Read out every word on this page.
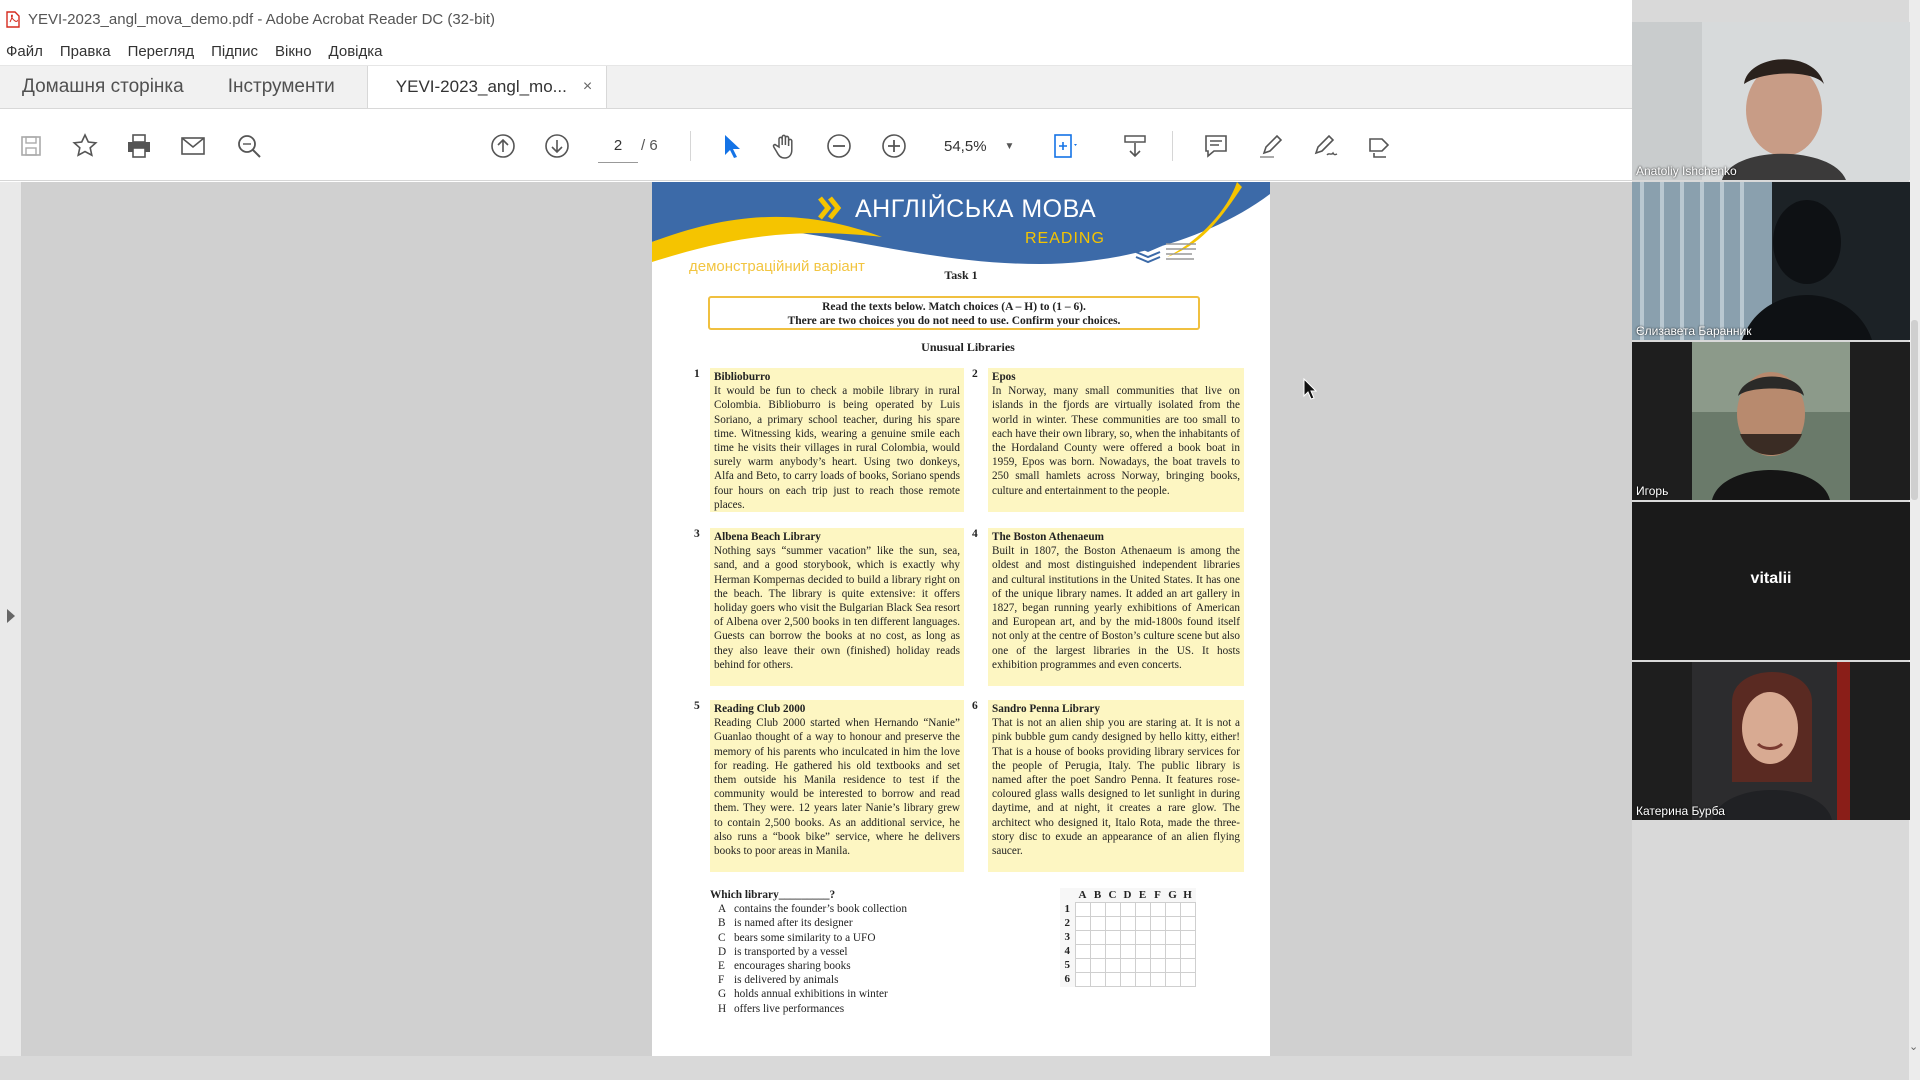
YEVI-2023_angl_mova_demo.pdf - Adobe Acrobat Reader DC (32-bit)
Файл Правка Перегляд Підпис Вікно Довідка
Домашня сторінка	Інструменти	YEVI-2023_angl_mo... ×
2	/ 6	54,5% ▼
АНГЛІЙСЬКА МОВА
READING
демонстраційний варіант	Task 1
Read the texts below. Match choices (A – H) to (1 – 6).
There are two choices you do not need to use. Confirm your choices.
Unusual Libraries
1 Biblioburro
It would be fun to check a mobile library in rural Colombia. Biblioburro is being operated by Luis Soriano, a primary school teacher, during his spare time. Witnessing kids, wearing a genuine smile each time he visits their villages in rural Colombia, would surely warm anybody’s heart. Using two donkeys, Alfa and Beto, to carry loads of books, Soriano spends four hours on each trip just to reach those remote places.
2 Epos
In Norway, many small communities that live on islands in the fjords are virtually isolated from the world in winter. These communities are too small to each have their own library, so, when the inhabitants of the Hordaland County were offered a book boat in 1959, Epos was born. Nowadays, the boat travels to 250 small hamlets across Norway, bringing books, culture and entertainment to the people.
3 Albena Beach Library
Nothing says “summer vacation” like the sun, sea, sand, and a good storybook, which is exactly why Herman Kompernas decided to build a library right on the beach. The library is quite extensive: it offers holiday goers who visit the Bulgarian Black Sea resort of Albena over 2,500 books in ten different languages. Guests can borrow the books at no cost, as long as they also leave their own (finished) holiday reads behind for others.
4 The Boston Athenaeum
Built in 1807, the Boston Athenaeum is among the oldest and most distinguished independent libraries and cultural institutions in the United States. It has one of the unique library names. It added an art gallery in 1827, began running yearly exhibitions of American and European art, and by the mid-1800s found itself not only at the centre of Boston’s culture scene but also one of the largest libraries in the US. It hosts exhibition programmes and even concerts.
5 Reading Club 2000
Reading Club 2000 started when Hernando “Nanie” Guanlao thought of a way to honour and preserve the memory of his parents who inculcated in him the love for reading. He gathered his old textbooks and set them outside his Manila residence to test if the community would be interested to borrow and read them. They were. 12 years later Nanie’s library grew to contain 2,500 books. As an additional service, he also runs a “book bike” service, where he delivers books to poor areas in Manila.
6 Sandro Penna Library
That is not an alien ship you are staring at. It is not a pink bubble gum candy designed by hello kitty, either! That is a house of books providing library services for the people of Perugia, Italy. The public library is named after the poet Sandro Penna. It features rose-coloured glass walls designed to let sunlight in during daytime, and at night, it creates a rare glow. The architect who designed it, Italo Rota, made the three-story disc to exude an appearance of an alien flying saucer.
Which library_________?
A contains the founder’s book collection
B is named after its designer
C bears some similarity to a UFO
D is transported by a vessel
E encourages sharing books
F is delivered by animals
G holds annual exhibitions in winter
H offers live performances
	A	B	C	D	E	F	G	H
1								
2								
3								
4								
5								
6								
⌄
Anatoliy Ishchenko
Єлизавета Баранник
Игорь
vitalii
Катерина Бурба
